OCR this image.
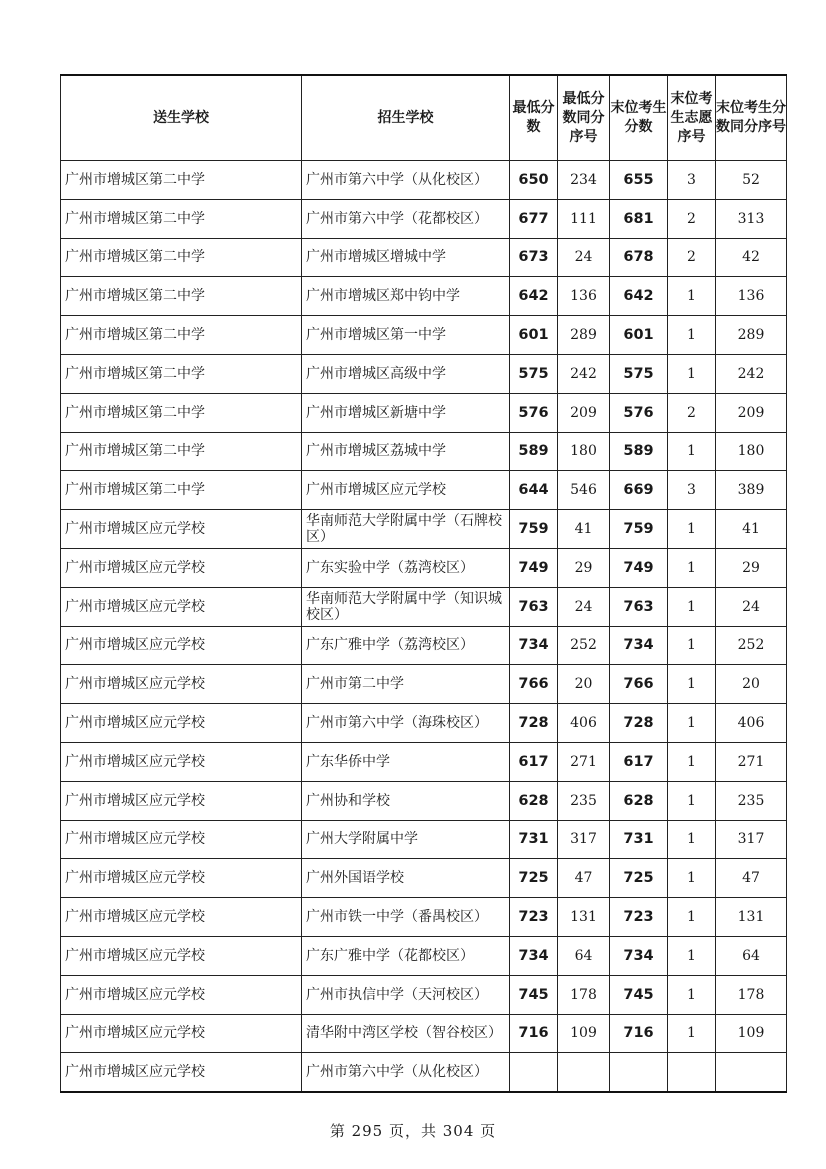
送生学校	招生学校	最低分数	最低分数同分序号	末位考生分数	末位考生志愿序号	末位考生分数同分序号
广州市增城区第二中学	广州市第六中学（从化校区）	650	234	655	3	52
广州市增城区第二中学	广州市第六中学（花都校区）	677	111	681	2	313
广州市增城区第二中学	广州市增城区增城中学	673	24	678	2	42
广州市增城区第二中学	广州市增城区郑中钧中学	642	136	642	1	136
广州市增城区第二中学	广州市增城区第一中学	601	289	601	1	289
广州市增城区第二中学	广州市增城区高级中学	575	242	575	1	242
广州市增城区第二中学	广州市增城区新塘中学	576	209	576	2	209
广州市增城区第二中学	广州市增城区荔城中学	589	180	589	1	180
广州市增城区第二中学	广州市增城区应元学校	644	546	669	3	389
广州市增城区应元学校	华南师范大学附属中学（石牌校区）	759	41	759	1	41
广州市增城区应元学校	广东实验中学（荔湾校区）	749	29	749	1	29
广州市增城区应元学校	华南师范大学附属中学（知识城校区）	763	24	763	1	24
广州市增城区应元学校	广东广雅中学（荔湾校区）	734	252	734	1	252
广州市增城区应元学校	广州市第二中学	766	20	766	1	20
广州市增城区应元学校	广州市第六中学（海珠校区）	728	406	728	1	406
广州市增城区应元学校	广东华侨中学	617	271	617	1	271
广州市增城区应元学校	广州协和学校	628	235	628	1	235
广州市增城区应元学校	广州大学附属中学	731	317	731	1	317
广州市增城区应元学校	广州外国语学校	725	47	725	1	47
广州市增城区应元学校	广州市铁一中学（番禺校区）	723	131	723	1	131
广州市增城区应元学校	广东广雅中学（花都校区）	734	64	734	1	64
广州市增城区应元学校	广州市执信中学（天河校区）	745	178	745	1	178
广州市增城区应元学校	清华附中湾区学校（智谷校区）	716	109	716	1	109
广州市增城区应元学校	广州市第六中学（从化校区）					
第 295 页，共 304 页
